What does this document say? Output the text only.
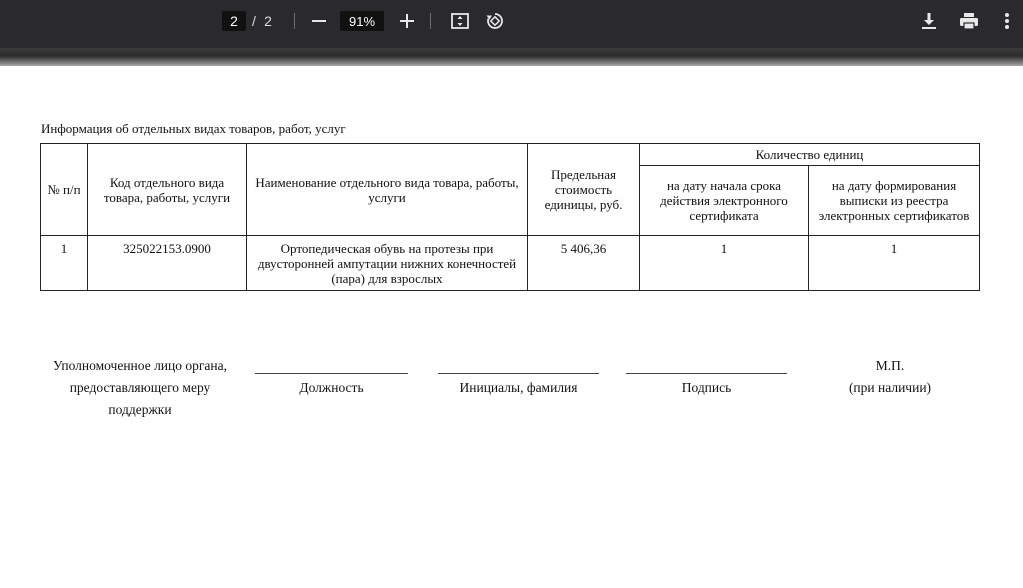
2	/ 2	91%
Информация об отдельных видах товаров, работ, услуг
№ п/п	Код отдельного вида товара, работы, услуги	Наименование отдельного вида товара, работы, услуги	Предельная стоимость единицы, руб.	Количество единиц	
				на дату начала срока действия электронного сертификата	на дату формирования выписки из реестра электронных сертификатов
1	325022153.0900	Ортопедическая обувь на протезы при двусторонней ампутации нижних конечностей (пара) для взрослых	5 406,36	1	1
Уполномоченное лицо органа, предоставляющего меру поддержки
Должность	Инициалы, фамилия	Подпись
М.П.
(при наличии)
